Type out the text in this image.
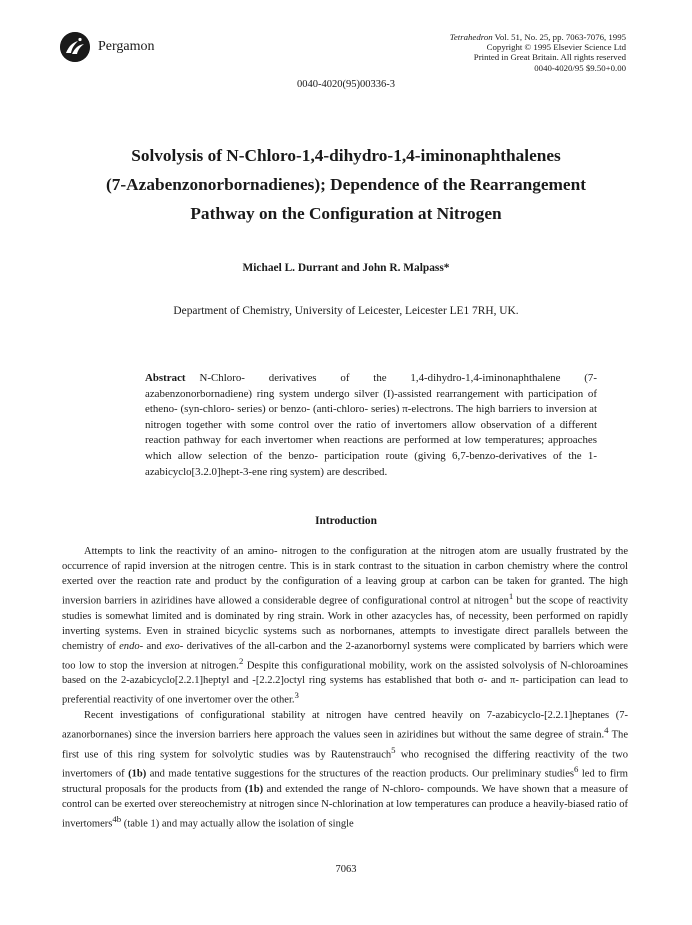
Pergamon
Tetrahedron Vol. 51, No. 25, pp. 7063-7076, 1995
Copyright © 1995 Elsevier Science Ltd
Printed in Great Britain. All rights reserved
0040-4020/95 $9.50+0.00
0040-4020(95)00336-3
Solvolysis of N-Chloro-1,4-dihydro-1,4-iminonaphthalenes
(7-Azabenzonorbornadienes); Dependence of the Rearrangement
Pathway on the Configuration at Nitrogen
Michael L. Durrant and John R. Malpass*
Department of Chemistry, University of Leicester, Leicester LE1 7RH, UK.
Abstract N-Chloro- derivatives of the 1,4-dihydro-1,4-iminonaphthalene (7-azabenzonorbornadiene) ring system undergo silver (I)-assisted rearrangement with participation of etheno- (syn-chloro- series) or benzo- (anti-chloro- series) π-electrons. The high barriers to inversion at nitrogen together with some control over the ratio of invertomers allow observation of a different reaction pathway for each invertomer when reactions are performed at low temperatures; approaches which allow selection of the benzo- participation route (giving 6,7-benzo-derivatives of the 1-azabicyclo[3.2.0]hept-3-ene ring system) are described.
Introduction

Attempts to link the reactivity of an amino- nitrogen to the configuration at the nitrogen atom are usually frustrated by the occurrence of rapid inversion at the nitrogen centre. This is in stark contrast to the situation in carbon chemistry where the control exerted over the reaction rate and product by the configuration of a leaving group at carbon can be taken for granted. The high inversion barriers in aziridines have allowed a considerable degree of configurational control at nitrogen$^1$ but the scope of reactivity studies is somewhat limited and is dominated by ring strain. Work in other azacycles has, of necessity, been performed on rapidly inverting systems. Even in strained bicyclic systems such as norbornanes, attempts to investigate direct parallels between the chemistry of endo- and exo- derivatives of the all-carbon and the 2-azanorbornyl systems were complicated by barriers which were too low to stop the inversion at nitrogen.$^2$ Despite this configurational mobility, work on the assisted solvolysis of N-chloroamines based on the 2-azabicyclo[2.2.1]heptyl and -[2.2.2]octyl ring systems has established that both σ- and π- participation can lead to preferential reactivity of one invertomer over the other.$^3$

Recent investigations of configurational stability at nitrogen have centred heavily on 7-azabicyclo-[2.2.1]heptanes (7-azanorbornanes) since the inversion barriers here approach the values seen in aziridines but without the same degree of strain.$^4$ The first use of this ring system for solvolytic studies was by Rautenstrauch$^5$ who recognised the differing reactivity of the two invertomers of (1b) and made tentative suggestions for the structures of the reaction products. Our preliminary studies$^6$ led to firm structural proposals for the products from (1b) and extended the range of N-chloro- compounds. We have shown that a measure of control can be exerted over stereochemistry at nitrogen since N-chlorination at low temperatures can produce a heavily-biased ratio of invertomers$^{4b}$ (table 1) and may actually allow the isolation of single

7063
